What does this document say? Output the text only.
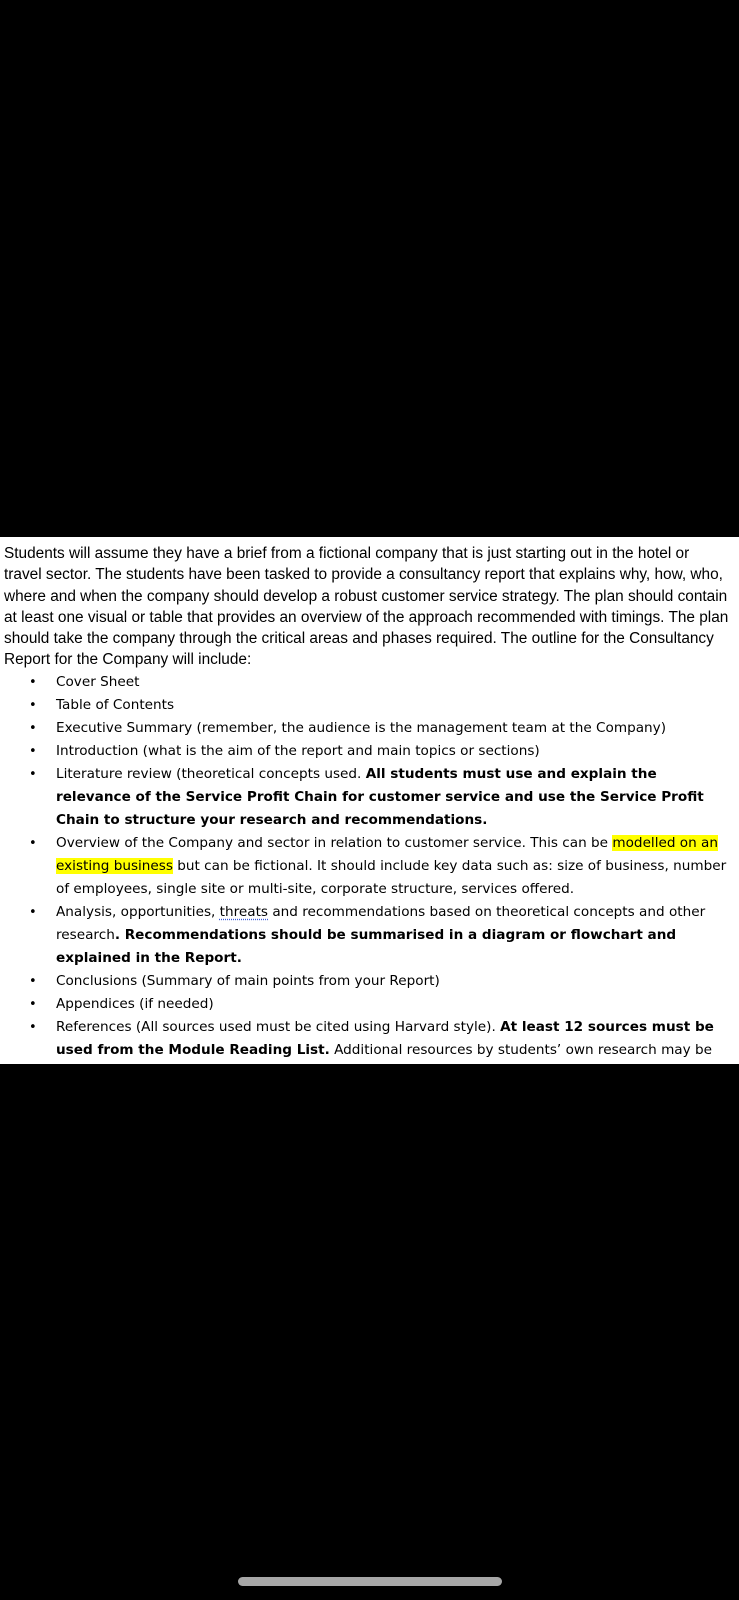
Students will assume they have a brief from a fictional company that is just starting out in the hotel or travel sector. The students have been tasked to provide a consultancy report that explains why, how, who, where and when the company should develop a robust customer service strategy. The plan should contain at least one visual or table that provides an overview of the approach recommended with timings. The plan should take the company through the critical areas and phases required. The outline for the Consultancy Report for the Company will include:

• Cover Sheet
• Table of Contents
• Executive Summary (remember, the audience is the management team at the Company)
• Introduction (what is the aim of the report and main topics or sections)
• Literature review (theoretical concepts used. All students must use and explain the relevance of the Service Profit Chain for customer service and use the Service Profit Chain to structure your research and recommendations.
• Overview of the Company and sector in relation to customer service. This can be modelled on an existing business but can be fictional. It should include key data such as: size of business, number of employees, single site or multi-site, corporate structure, services offered.
• Analysis, opportunities, threats and recommendations based on theoretical concepts and other research. Recommendations should be summarised in a diagram or flowchart and explained in the Report.
• Conclusions (Summary of main points from your Report)
• Appendices (if needed)
• References (All sources used must be cited using Harvard style). At least 12 sources must be used from the Module Reading List. Additional resources by students’ own research may be added.
